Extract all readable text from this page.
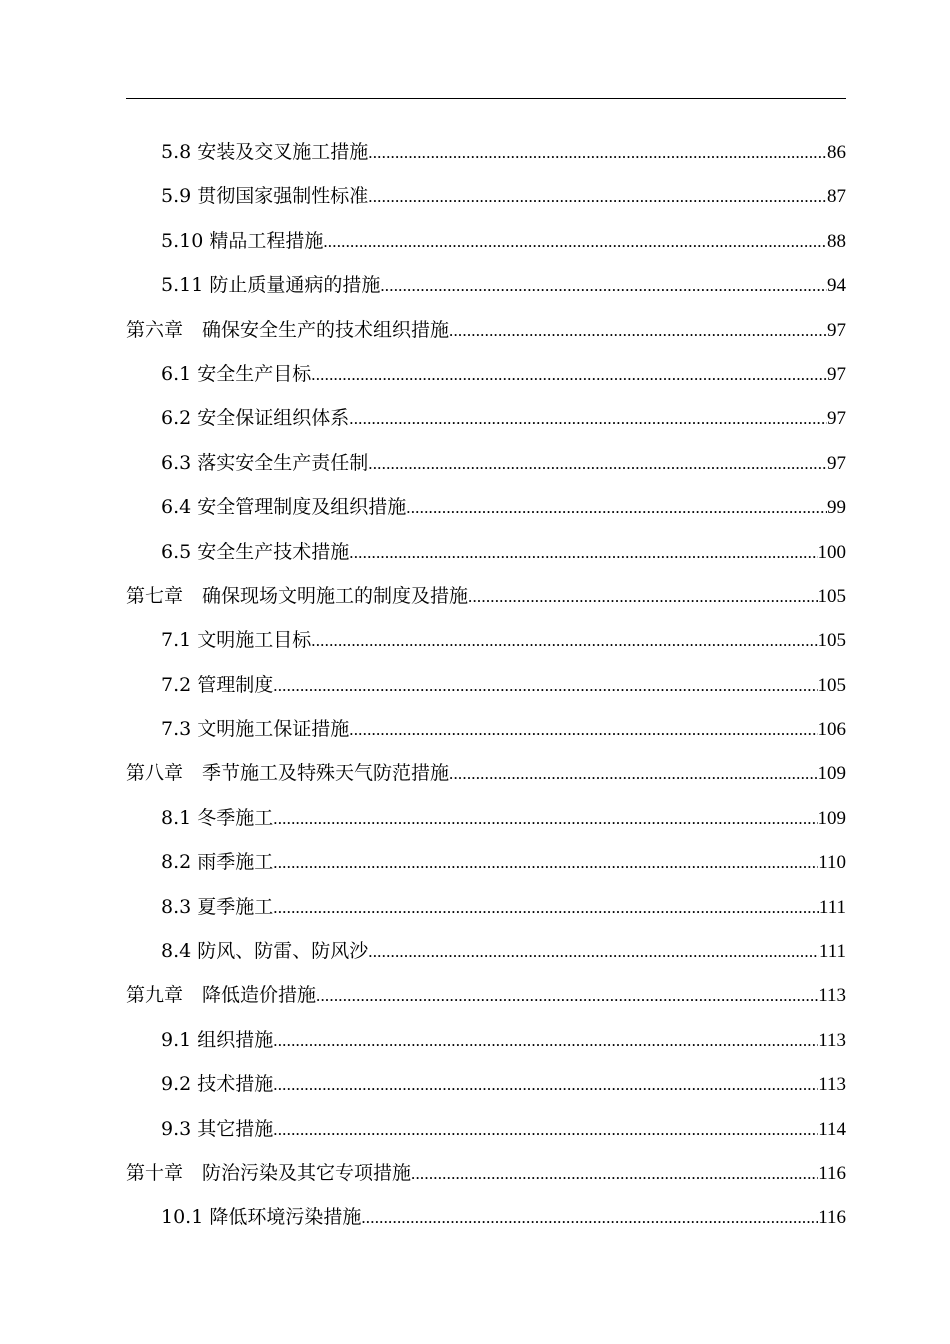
5.8 安装及交叉施工措施 .....	86
5.9 贯彻国家强制性标准 .....	87
5.10 精品工程措施 .....	88
5.11 防止质量通病的措施 .....	94
第六章　确保安全生产的技术组织措施 .....	97
6.1 安全生产目标 .....	97
6.2 安全保证组织体系 .....	97
6.3 落实安全生产责任制 .....	97
6.4 安全管理制度及组织措施 .....	99
6.5 安全生产技术措施 .....	100
第七章　确保现场文明施工的制度及措施 .....	105
7.1 文明施工目标 .....	105
7.2 管理制度 .....	105
7.3 文明施工保证措施 .....	106
第八章　季节施工及特殊天气防范措施 .....	109
8.1 冬季施工 .....	109
8.2 雨季施工 .....	110
8.3 夏季施工 .....	111
8.4 防风、防雷、防风沙 .....	111
第九章　降低造价措施 .....	113
9.1 组织措施 .....	113
9.2 技术措施 .....	113
9.3 其它措施 .....	114
第十章　防治污染及其它专项措施 .....	116
10.1 降低环境污染措施 .....	116
